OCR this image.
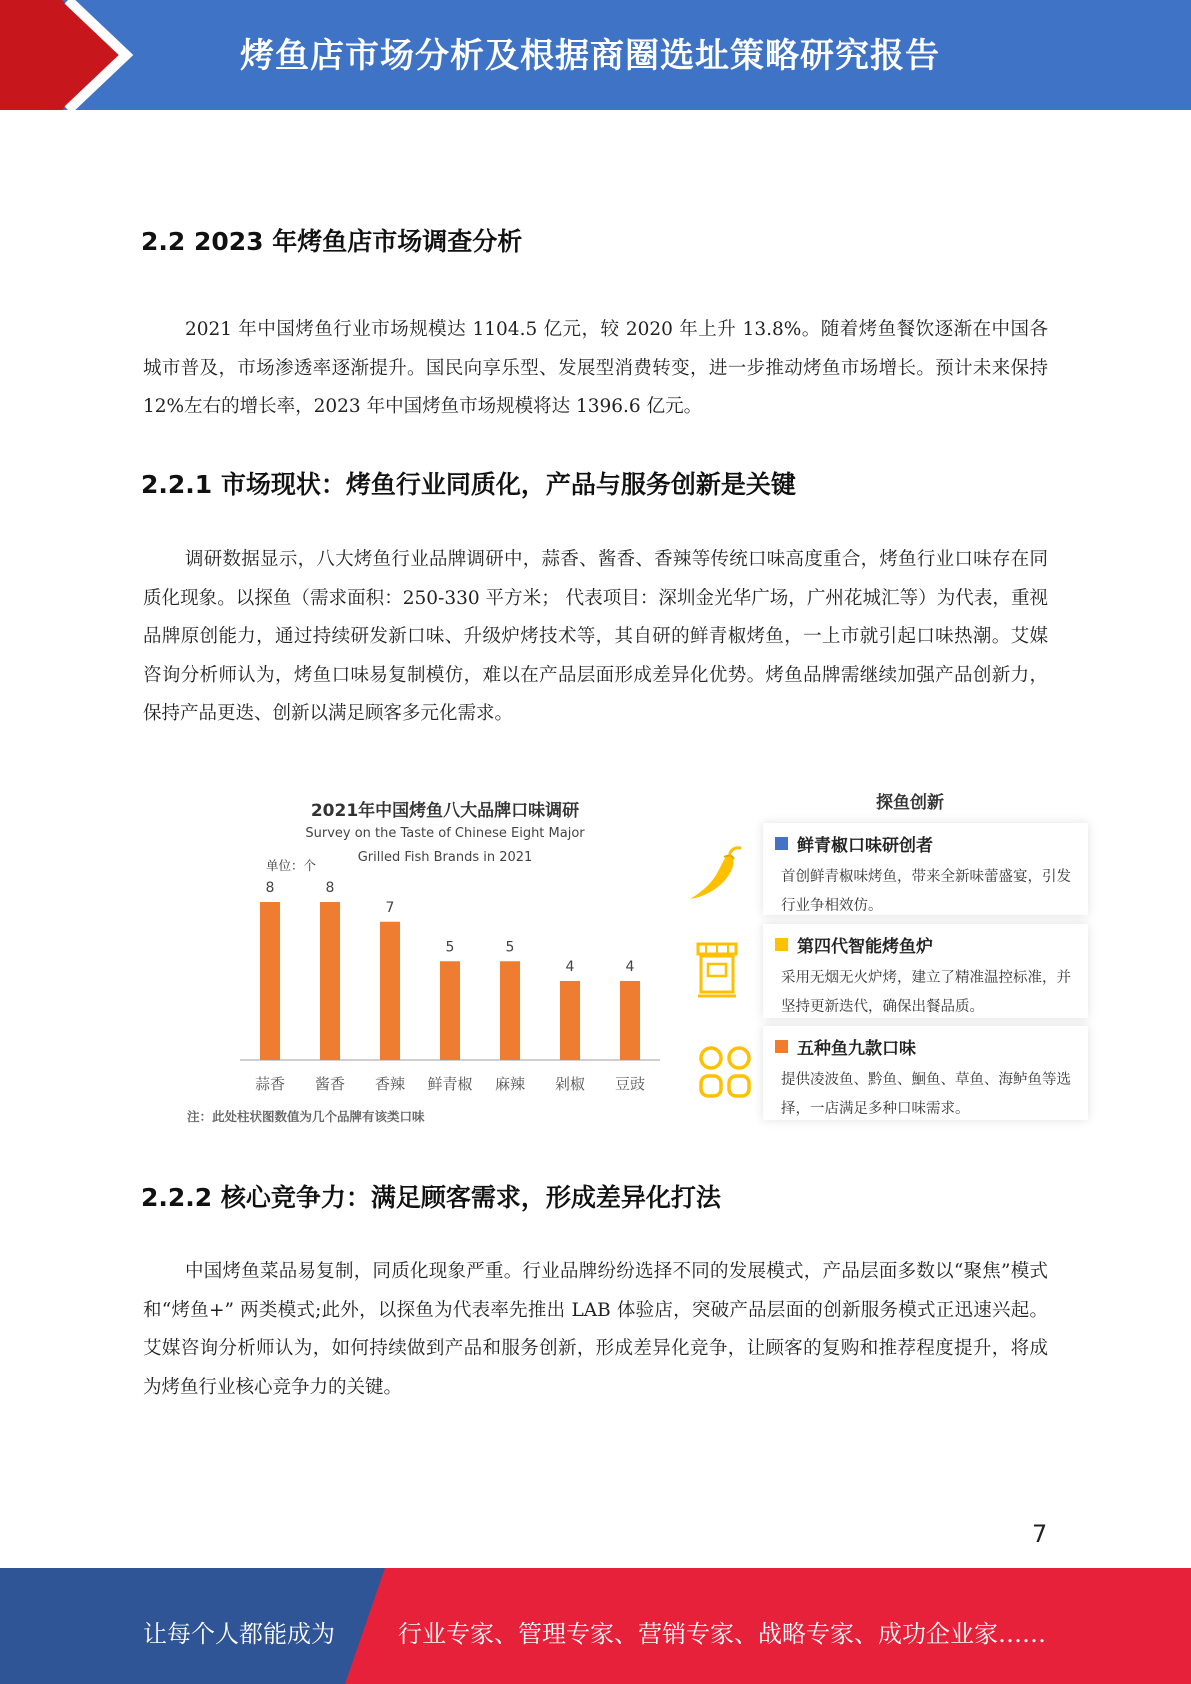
烤鱼店市场分析及根据商圈选址策略研究报告
2.2 2023 年烤鱼店市场调查分析
2021 年中国烤鱼行业市场规模达 1104.5 亿元，较 2020 年上升 13.8%。随着烤鱼餐饮逐渐在中国各城市普及，市场渗透率逐渐提升。国民向享乐型、发展型消费转变，进一步推动烤鱼市场增长。预计未来保持 12%左右的增长率，2023 年中国烤鱼市场规模将达 1396.6 亿元。
2.2.1 市场现状：烤鱼行业同质化，产品与服务创新是关键
调研数据显示，八大烤鱼行业品牌调研中，蒜香、酱香、香辣等传统口味高度重合，烤鱼行业口味存在同质化现象。以探鱼（需求面积：250-330 平方米； 代表项目：深圳金光华广场，广州花城汇等）为代表，重视品牌原创能力，通过持续研发新口味、升级炉烤技术等，其自研的鲜青椒烤鱼，一上市就引起口味热潮。艾媒咨询分析师认为，烤鱼口味易复制模仿，难以在产品层面形成差异化优势。烤鱼品牌需继续加强产品创新力，保持产品更迭、创新以满足顾客多元化需求。
2021年中国烤鱼八大品牌口味调研
Survey on the Taste of Chinese Eight Major
Grilled Fish Brands in 2021
单位：个
8
蒜香
8
酱香
7
香辣
5
鲜青椒
5
麻辣
4
剁椒
4
豆豉
注：此处柱状图数值为几个品牌有该类口味
探鱼创新
鲜青椒口味研创者
首创鲜青椒味烤鱼，带来全新味蕾盛宴，引发行业争相效仿。
第四代智能烤鱼炉
采用无烟无火炉烤，建立了精准温控标准，并坚持更新迭代，确保出餐品质。
五种鱼九款口味
提供凌波鱼、黔鱼、鮰鱼、草鱼、海鲈鱼等选择，一店满足多种口味需求。
2.2.2 核心竞争力：满足顾客需求，形成差异化打法
中国烤鱼菜品易复制，同质化现象严重。行业品牌纷纷选择不同的发展模式，产品层面多数以“聚焦”模式 和“烤鱼+” 两类模式;此外，以探鱼为代表率先推出 LAB 体验店，突破产品层面的创新服务模式正迅速兴起。艾媒咨询分析师认为，如何持续做到产品和服务创新，形成差异化竞争，让顾客的复购和推荐程度提升，将成为烤鱼行业核心竞争力的关键。
7
让每个人都能成为	行业专家、管理专家、营销专家、战略专家、成功企业家……
